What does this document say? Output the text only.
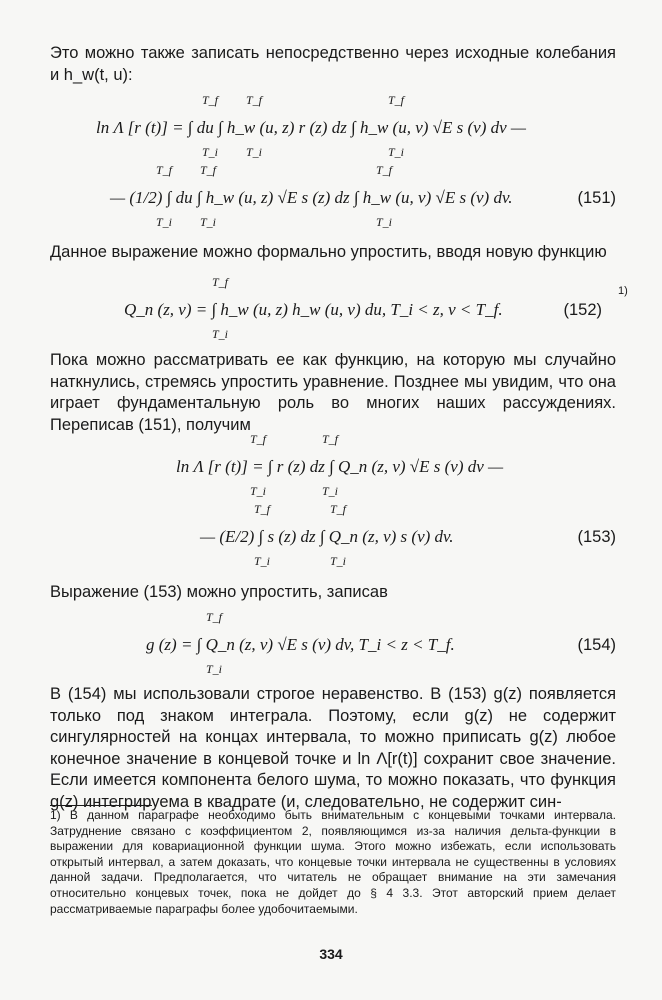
Это можно также записать непосредственно через исходные колебания и h_w(t, u):
ln Λ [r (t)] = ∫ du ∫ h_w (u, z) r (z) dz ∫ h_w (u, v) √E s (v) dv —
T_f
T_i
T_f
T_i
T_f
T_i
— (1/2) ∫ du ∫ h_w (u, z) √E s (z) dz ∫ h_w (u, v) √E s (v) dv.	(151)
T_f
T_i
T_f
T_i
T_f
T_i
Данное выражение можно формально упростить, вводя новую функцию
Q_n (z, v) = ∫ h_w (u, z) h_w (u, v) du, T_i < z, v < T_f.	(152)
1)
T_f
T_i
Пока можно рассматривать ее как функцию, на которую мы случайно наткнулись, стремясь упростить уравнение. Позднее мы увидим, что она играет фундаментальную роль во многих наших рассуждениях. Переписав (151), получим
ln Λ [r (t)] = ∫ r (z) dz ∫ Q_n (z, v) √E s (v) dv —
T_f
T_i
T_f
T_i
— (E/2) ∫ s (z) dz ∫ Q_n (z, v) s (v) dv.	(153)
T_f
T_i
T_f
T_i
Выражение (153) можно упростить, записав
g (z) = ∫ Q_n (z, v) √E s (v) dv, T_i < z < T_f.	(154)
T_f
T_i
В (154) мы использовали строгое неравенство. В (153) g(z) появляется только под знаком интеграла. Поэтому, если g(z) не содержит сингулярностей на концах интервала, то можно приписать g(z) любое конечное значение в концевой точке и ln Λ[r(t)] сохранит свое значение. Если имеется компонента белого шума, то можно показать, что функция g(z) интегрируема в квадрате (и, следовательно, не содержит син-
1) В данном параграфе необходимо быть внимательным с концевыми точками интервала. Затруднение связано с коэффициентом 2, появляющимся из-за наличия дельта-функции в выражении для ковариационной функции шума. Этого можно избежать, если использовать открытый интервал, а затем доказать, что концевые точки интервала не существенны в условиях данной задачи. Предполагается, что читатель не обращает внимание на эти замечания относительно концевых точек, пока не дойдет до § 4 3.3. Этот авторский прием делает рассматриваемые параграфы более удобочитаемыми.
334
